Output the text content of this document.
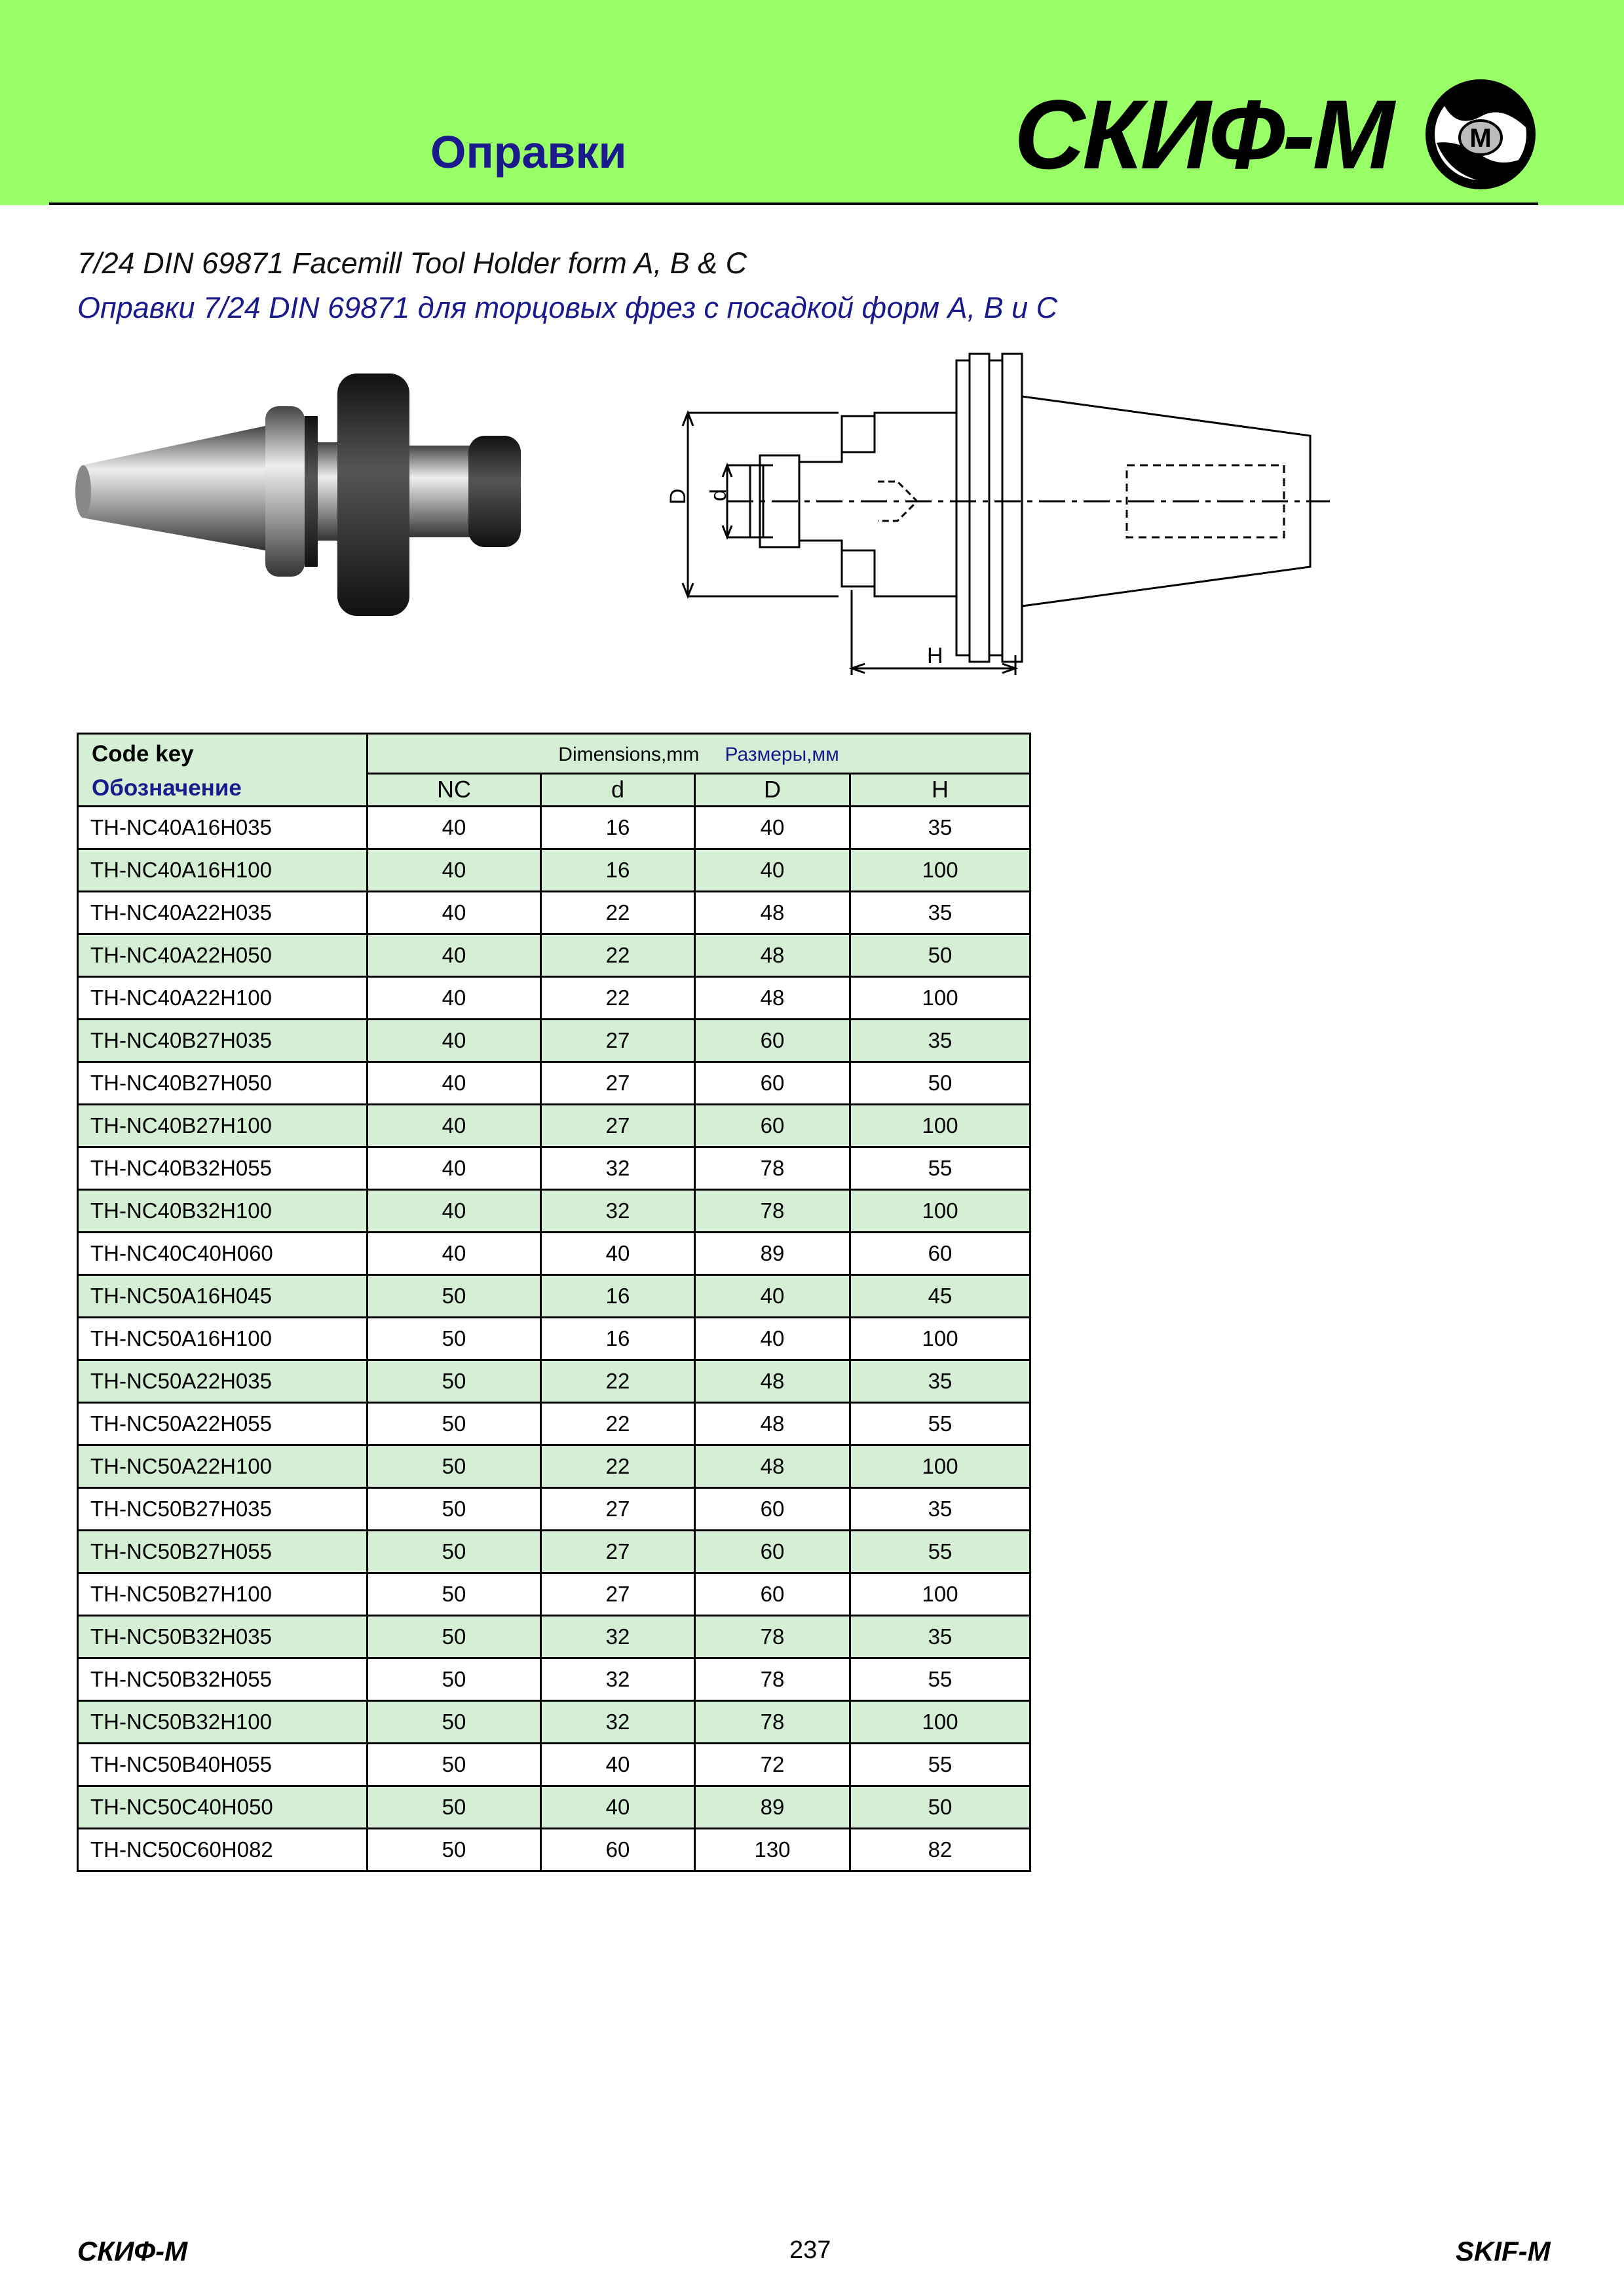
Оправки	СКИФ-М	М
7/24 DIN 69871 Facemill Tool Holder form A, B & C
Оправки 7/24 DIN 69871 для торцовых фрез с посадкой форм А, В и С
D d
H
Code key
Обозначение	Dimensions,mm Размеры,мм			
	NC	d	D	H
TH-NC40A16H035	40	16	40	35
TH-NC40A16H100	40	16	40	100
TH-NC40A22H035	40	22	48	35
TH-NC40A22H050	40	22	48	50
TH-NC40A22H100	40	22	48	100
TH-NC40B27H035	40	27	60	35
TH-NC40B27H050	40	27	60	50
TH-NC40B27H100	40	27	60	100
TH-NC40B32H055	40	32	78	55
TH-NC40B32H100	40	32	78	100
TH-NC40C40H060	40	40	89	60
TH-NC50A16H045	50	16	40	45
TH-NC50A16H100	50	16	40	100
TH-NC50A22H035	50	22	48	35
TH-NC50A22H055	50	22	48	55
TH-NC50A22H100	50	22	48	100
TH-NC50B27H035	50	27	60	35
TH-NC50B27H055	50	27	60	55
TH-NC50B27H100	50	27	60	100
TH-NC50B32H035	50	32	78	35
TH-NC50B32H055	50	32	78	55
TH-NC50B32H100	50	32	78	100
TH-NC50B40H055	50	40	72	55
TH-NC50C40H050	50	40	89	50
TH-NC50C60H082	50	60	130	82
СКИФ-М	237	SKIF-M
